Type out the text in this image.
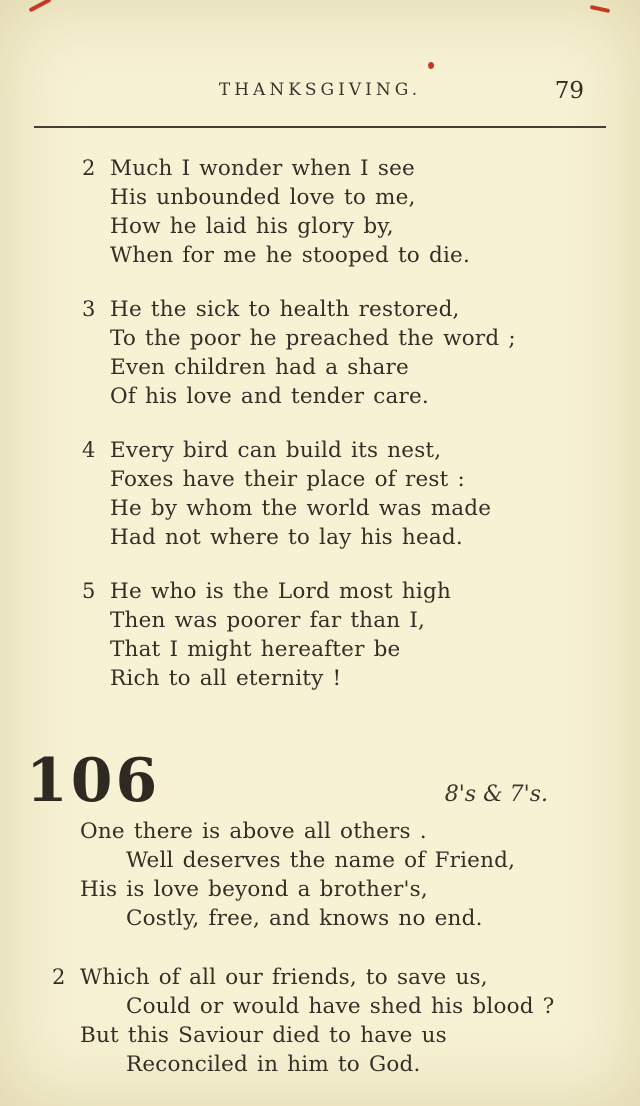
THANKSGIVING.	79
2 Much I wonder when I see
His unbounded love to me,
How he laid his glory by,
When for me he stooped to die.
3 He the sick to health restored,
To the poor he preached the word ;
Even children had a share
Of his love and tender care.
4 Every bird can build its nest,
Foxes have their place of rest :
He by whom the world was made
Had not where to lay his head.
5 He who is the Lord most high
Then was poorer far than I,
That I might hereafter be
Rich to all eternity !
106	8's & 7's.
One there is above all others .
Well deserves the name of Friend,
His is love beyond a brother's,
Costly, free, and knows no end.
2 Which of all our friends, to save us,
Could or would have shed his blood ?
But this Saviour died to have us
Reconciled in him to God.
